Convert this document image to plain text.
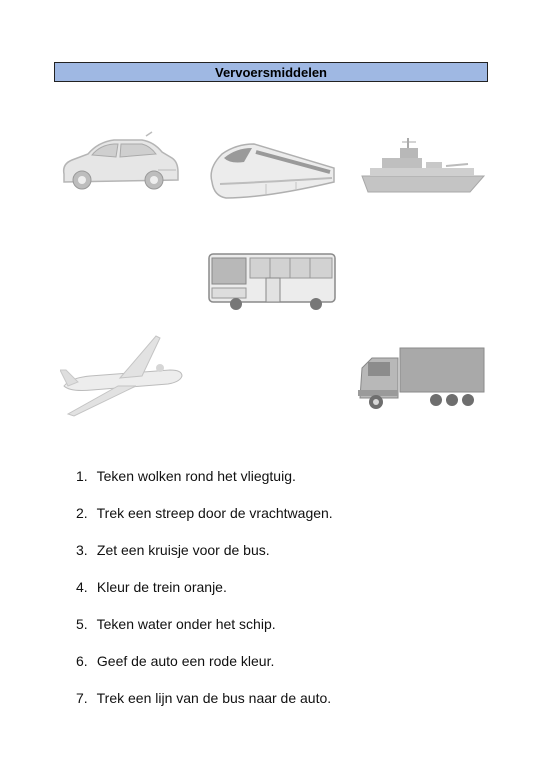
Vervoersmiddelen
1. Teken wolken rond het vliegtuig.
2. Trek een streep door de vrachtwagen.
3. Zet een kruisje voor de bus.
4. Kleur de trein oranje.
5. Teken water onder het schip.
6. Geef de auto een rode kleur.
7. Trek een lijn van de bus naar de auto.
